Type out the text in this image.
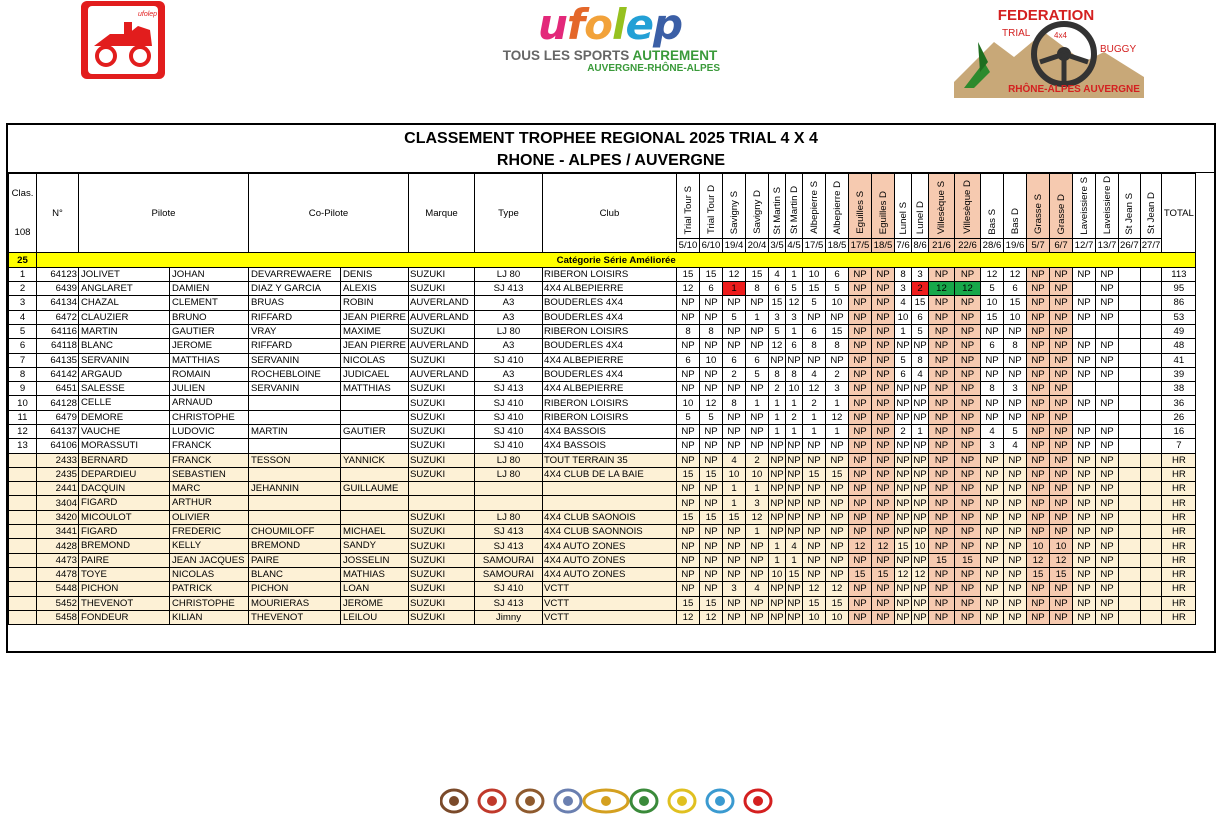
ufolep	ufolep
TOUS LES SPORTS AUTREMENT
AUVERGNE-RHÔNE-ALPES
FEDERATION
TRIAL	4x4
BUGGY
RHÔNE-ALPES AUVERGNE
CLASSEMENT TROPHEE REGIONAL 2025 TRIAL 4 X 4
RHONE - ALPES / AUVERGNE
Clas.

108	N°	Pilote	Co-Pilote	Marque	Type	Club	Trial Tour S	Trial Tour D	Savigny S	Savigny D	St Martin S	St Martin D	Albepierre S	Albepierre D	Eguilles S	Eguilles D	Lunel S	Lunel D	Villesèque S	Villesèque D	Bas S	Bas D	Grasse S	Grasse D	Laveissiere S	Laveissiere D	St Jean S	St Jean D	TOTAL
							5/10	6/10	19/4	20/4	3/5	4/5	17/5	18/5	17/5	18/5	7/6	8/6	21/6	22/6	28/6	19/6	5/7	6/7	12/7	13/7	26/7	27/7	
25	Catégorie Série Améliorée																												
1	64123	JOLIVET JOHAN	DEVARREWAERE DENIS	SUZUKI	LJ 80	RIBERON LOISIRS	15	15	12	15	4	1	10	6	NP	NP	8	3	NP	NP	12	12	NP	NP	NP	NP			113
2	6439	ANGLARET DAMIEN	DIAZ Y GARCIA ALEXIS	SUZUKI	SJ 413	4X4 ALBEPIERRE	12	6	1	8	6	5	15	5	NP	NP	3	2	12	12	5	6	NP	NP		NP			95
3	64134	CHAZAL CLEMENT	BRUAS ROBIN	AUVERLAND	A3	BOUDERLES 4X4	NP	NP	NP	NP	15	12	5	10	NP	NP	4	15	NP	NP	10	15	NP	NP	NP	NP			86
4	6472	CLAUZIER BRUNO	RIFFARD JEAN PIERRE	AUVERLAND	A3	BOUDERLES 4X4	NP	NP	5	1	3	3	NP	NP	NP	NP	10	6	NP	NP	15	10	NP	NP	NP	NP			53
5	64116	MARTIN GAUTIER	VRAY MAXIME	SUZUKI	LJ 80	RIBERON LOISIRS	8	8	NP	NP	5	1	6	15	NP	NP	1	5	NP	NP	NP	NP	NP	NP					49
6	64118	BLANC JEROME	RIFFARD JEAN PIERRE	AUVERLAND	A3	BOUDERLES 4X4	NP	NP	NP	NP	12	6	8	8	NP	NP	NP	NP	NP	NP	6	8	NP	NP	NP	NP			48
7	64135	SERVANIN MATTHIAS	SERVANIN NICOLAS	SUZUKI	SJ 410	4X4 ALBEPIERRE	6	10	6	6	NP	NP	NP	NP	NP	NP	5	8	NP	NP	NP	NP	NP	NP	NP	NP			41
8	64142	ARGAUD ROMAIN	ROCHEBLOINE JUDICAEL	AUVERLAND	A3	BOUDERLES 4X4	NP	NP	2	5	8	8	4	2	NP	NP	6	4	NP	NP	NP	NP	NP	NP	NP	NP			39
9	6451	SALESSE JULIEN	SERVANIN MATTHIAS	SUZUKI	SJ 413	4X4 ALBEPIERRE	NP	NP	NP	NP	2	10	12	3	NP	NP	NP	NP	NP	NP	8	3	NP	NP					38
10	64128	CELLE ARNAUD		SUZUKI	SJ 410	RIBERON LOISIRS	10	12	8	1	1	1	2	1	NP	NP	NP	NP	NP	NP	NP	NP	NP	NP	NP	NP			36
11	6479	DEMORE CHRISTOPHE		SUZUKI	SJ 410	RIBERON LOISIRS	5	5	NP	NP	1	2	1	12	NP	NP	NP	NP	NP	NP	NP	NP	NP	NP					26
12	64137	VAUCHE LUDOVIC	MARTIN GAUTIER	SUZUKI	SJ 410	4X4 BASSOIS	NP	NP	NP	NP	1	1	1	1	NP	NP	2	1	NP	NP	4	5	NP	NP	NP	NP			16
13	64106	MORASSUTI FRANCK		SUZUKI	SJ 410	4X4 BASSOIS	NP	NP	NP	NP	NP	NP	NP	NP	NP	NP	NP	NP	NP	NP	3	4	NP	NP	NP	NP			7
	2433	BERNARD FRANCK	TESSON YANNICK	SUZUKI	LJ 80	TOUT TERRAIN 35	NP	NP	4	2	NP	NP	NP	NP	NP	NP	NP	NP	NP	NP	NP	NP	NP	NP	NP	NP			HR
	2435	DEPARDIEU SEBASTIEN		SUZUKI	LJ 80	4X4 CLUB DE LA BAIE	15	15	10	10	NP	NP	15	15	NP	NP	NP	NP	NP	NP	NP	NP	NP	NP	NP	NP			HR
	2441	DACQUIN MARC	JEHANNIN GUILLAUME				NP	NP	1	1	NP	NP	NP	NP	NP	NP	NP	NP	NP	NP	NP	NP	NP	NP	NP	NP			HR
	3404	FIGARD ARTHUR					NP	NP	1	3	NP	NP	NP	NP	NP	NP	NP	NP	NP	NP	NP	NP	NP	NP	NP	NP			HR
	3420	MICOULOT OLIVIER		SUZUKI	LJ 80	4X4 CLUB SAONOIS	15	15	15	12	NP	NP	NP	NP	NP	NP	NP	NP	NP	NP	NP	NP	NP	NP	NP	NP			HR
	3441	FIGARD FREDERIC	CHOUMILOFF MICHAEL	SUZUKI	SJ 413	4X4 CLUB SAONNOIS	NP	NP	NP	1	NP	NP	NP	NP	NP	NP	NP	NP	NP	NP	NP	NP	NP	NP	NP	NP			HR
	4428	BREMOND KELLY	BREMOND SANDY	SUZUKI	SJ 413	4X4 AUTO ZONES	NP	NP	NP	NP	1	4	NP	NP	12	12	15	10	NP	NP	NP	NP	10	10	NP	NP			HR
	4473	PAIRE JEAN JACQUES	PAIRE JOSSELIN	SUZUKI	SAMOURAI	4X4 AUTO ZONES	NP	NP	NP	NP	1	1	NP	NP	NP	NP	NP	NP	15	15	NP	NP	12	12	NP	NP			HR
	4478	TOYE NICOLAS	BLANC MATHIAS	SUZUKI	SAMOURAI	4X4 AUTO ZONES	NP	NP	NP	NP	10	15	NP	NP	15	15	12	12	NP	NP	NP	NP	15	15	NP	NP			HR
	5448	PICHON PATRICK	PICHON LOAN	SUZUKI	SJ 410	VCTT	NP	NP	3	4	NP	NP	12	12	NP	NP	NP	NP	NP	NP	NP	NP	NP	NP	NP	NP			HR
	5452	THEVENOT CHRISTOPHE	MOURIERAS JEROME	SUZUKI	SJ 413	VCTT	15	15	NP	NP	NP	NP	15	15	NP	NP	NP	NP	NP	NP	NP	NP	NP	NP	NP	NP			HR
	5458	FONDEUR KILIAN	THEVENOT LEILOU	SUZUKI	Jimny	VCTT	12	12	NP	NP	NP	NP	10	10	NP	NP	NP	NP	NP	NP	NP	NP	NP	NP	NP	NP			HR
